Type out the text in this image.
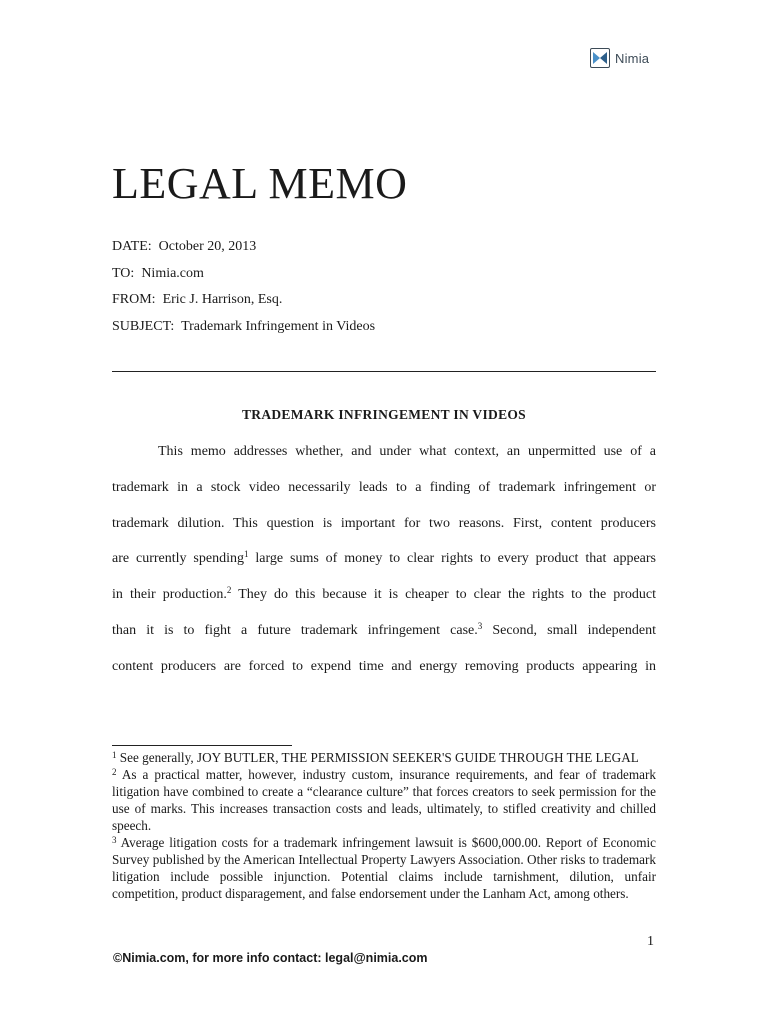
Nimia
LEGAL MEMO
DATE: October 20, 2013
TO: Nimia.com
FROM: Eric J. Harrison, Esq.
SUBJECT: Trademark Infringement in Videos
TRADEMARK INFRINGEMENT IN VIDEOS
This memo addresses whether, and under what context, an unpermitted use of a
trademark in a stock video necessarily leads to a finding of trademark infringement or
trademark dilution. This question is important for two reasons. First, content producers
are currently spending$^1$ large sums of money to clear rights to every product that appears
in their production.$^2$ They do this because it is cheaper to clear the rights to the product
than it is to fight a future trademark infringement case.$^3$ Second, small independent
content producers are forced to expend time and energy removing products appearing in

$^1$ See generally, JOY BUTLER, THE PERMISSION SEEKER'S GUIDE THROUGH THE LEGAL

$^2$ As a practical matter, however, industry custom, insurance requirements, and fear of trademark litigation have combined to create a “clearance culture” that forces creators to seek permission for the use of marks. This increases transaction costs and leads, ultimately, to stifled creativity and chilled speech.

$^3$ Average litigation costs for a trademark infringement lawsuit is $600,000.00. Report of Economic Survey published by the American Intellectual Property Lawyers Association. Other risks to trademark litigation include possible injunction. Potential claims include tarnishment, dilution, unfair competition, product disparagement, and false endorsement under the Lanham Act, among others.

1
©Nimia.com, for more info contact: legal@nimia.com
